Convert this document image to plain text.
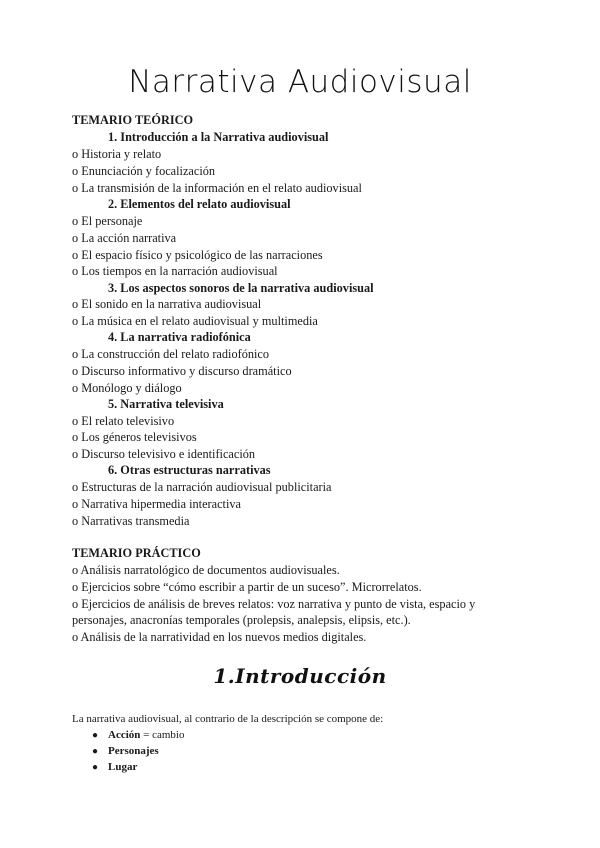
Narrativa Audiovisual
TEMARIO TEÓRICO
1. Introducción a la Narrativa audiovisual
o Historia y relato
o Enunciación y focalización
o La transmisión de la información en el relato audiovisual
2. Elementos del relato audiovisual
o El personaje
o La acción narrativa
o El espacio físico y psicológico de las narraciones
o Los tiempos en la narración audiovisual
3. Los aspectos sonoros de la narrativa audiovisual
o El sonido en la narrativa audiovisual
o La música en el relato audiovisual y multimedia
4. La narrativa radiofónica
o La construcción del relato radiofónico
o Discurso informativo y discurso dramático
o Monólogo y diálogo
5. Narrativa televisiva
o El relato televisivo
o Los géneros televisivos
o Discurso televisivo e identificación
6. Otras estructuras narrativas
o Estructuras de la narración audiovisual publicitaria
o Narrativa hipermedia interactiva
o Narrativas transmedia
TEMARIO PRÁCTICO
o Análisis narratológico de documentos audiovisuales.
o Ejercicios sobre “cómo escribir a partir de un suceso”. Microrrelatos.
o Ejercicios de análisis de breves relatos: voz narrativa y punto de vista, espacio y personajes, anacronías temporales (prolepsis, analepsis, elipsis, etc.).
o Análisis de la narratividad en los nuevos medios digitales.
1.Introducción
La narrativa audiovisual, al contrario de la descripción se compone de:
● Acción = cambio
● Personajes
● Lugar
